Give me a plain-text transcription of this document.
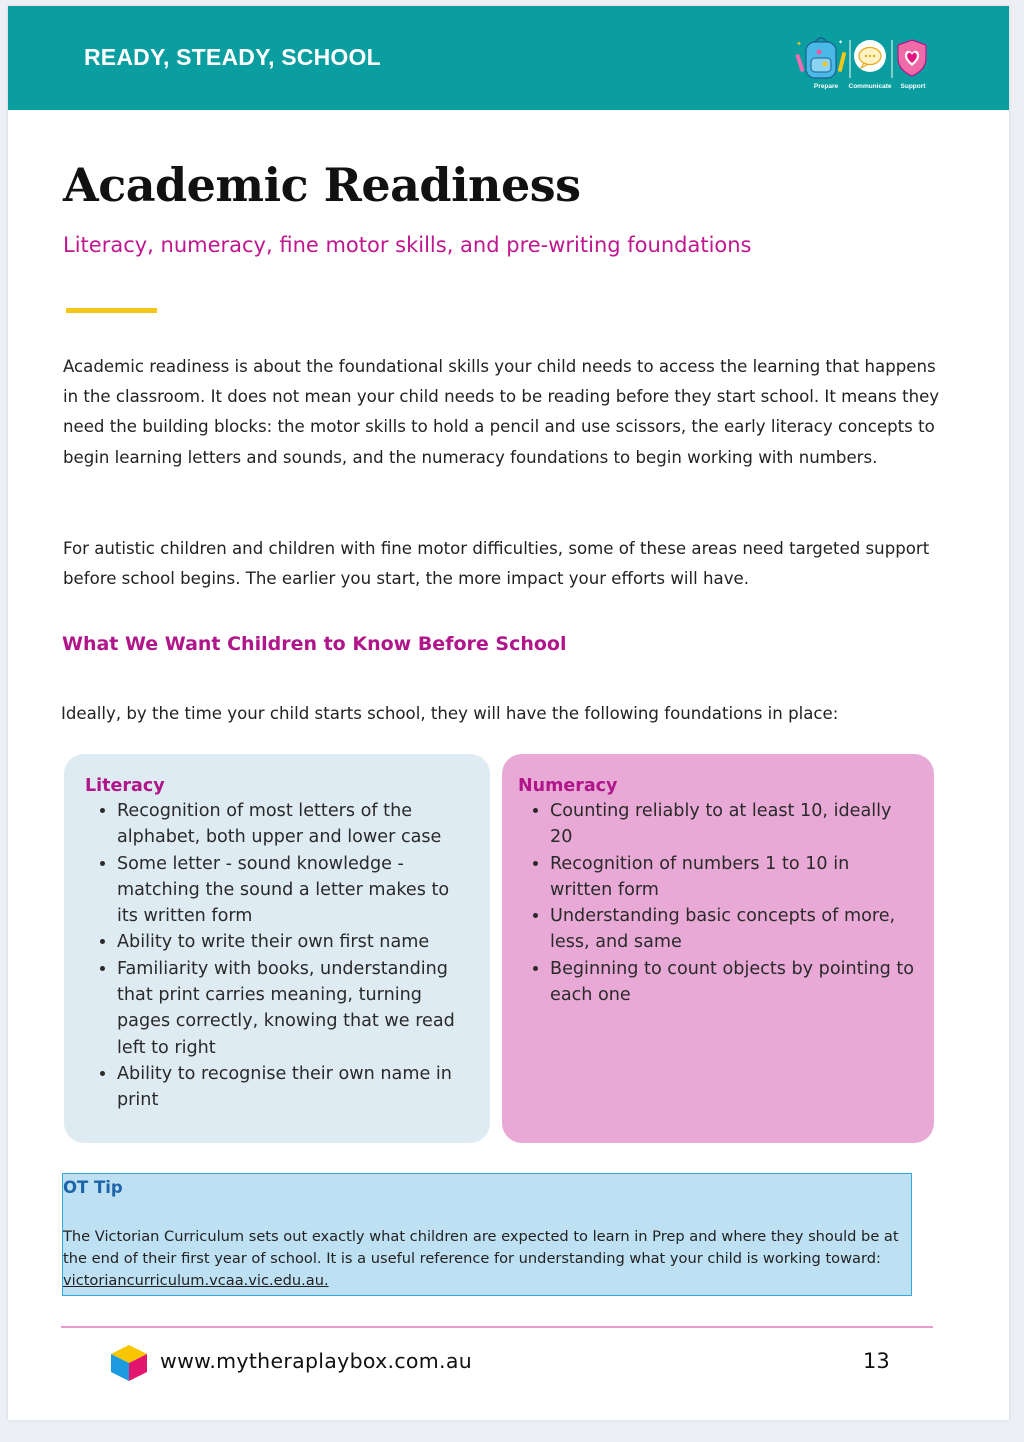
READY, STEADY, SCHOOL	✦	✦
Prepare	Communicate	Support
Academic Readiness
Literacy, numeracy, fine motor skills, and pre-writing foundations

Academic readiness is about the foundational skills your child needs to access the learning that happens in the classroom. It does not mean your child needs to be reading before they start school. It means they need the building blocks: the motor skills to hold a pencil and use scissors, the early literacy concepts to begin learning letters and sounds, and the numeracy foundations to begin working with numbers.

For autistic children and children with fine motor difficulties, some of these areas need targeted support before school begins. The earlier you start, the more impact your efforts will have.

What We Want Children to Know Before School
Ideally, by the time your child starts school, they will have the following foundations in place:
Literacy
• Recognition of most letters of the alphabet, both upper and lower case
• Some letter - sound knowledge - matching the sound a letter makes to its written form
• Ability to write their own first name
• Familiarity with books, understanding that print carries meaning, turning pages correctly, knowing that we read left to right
• Ability to recognise their own name in print
Numeracy
• Counting reliably to at least 10, ideally 20
• Recognition of numbers 1 to 10 in written form
• Understanding basic concepts of more, less, and same
• Beginning to count objects by pointing to each one
OT Tip

The Victorian Curriculum sets out exactly what children are expected to learn in Prep and where they should be at the end of their first year of school. It is a useful reference for understanding what your child is working toward: victoriancurriculum.vcaa.vic.edu.au.

www.mytheraplaybox.com.au	13
